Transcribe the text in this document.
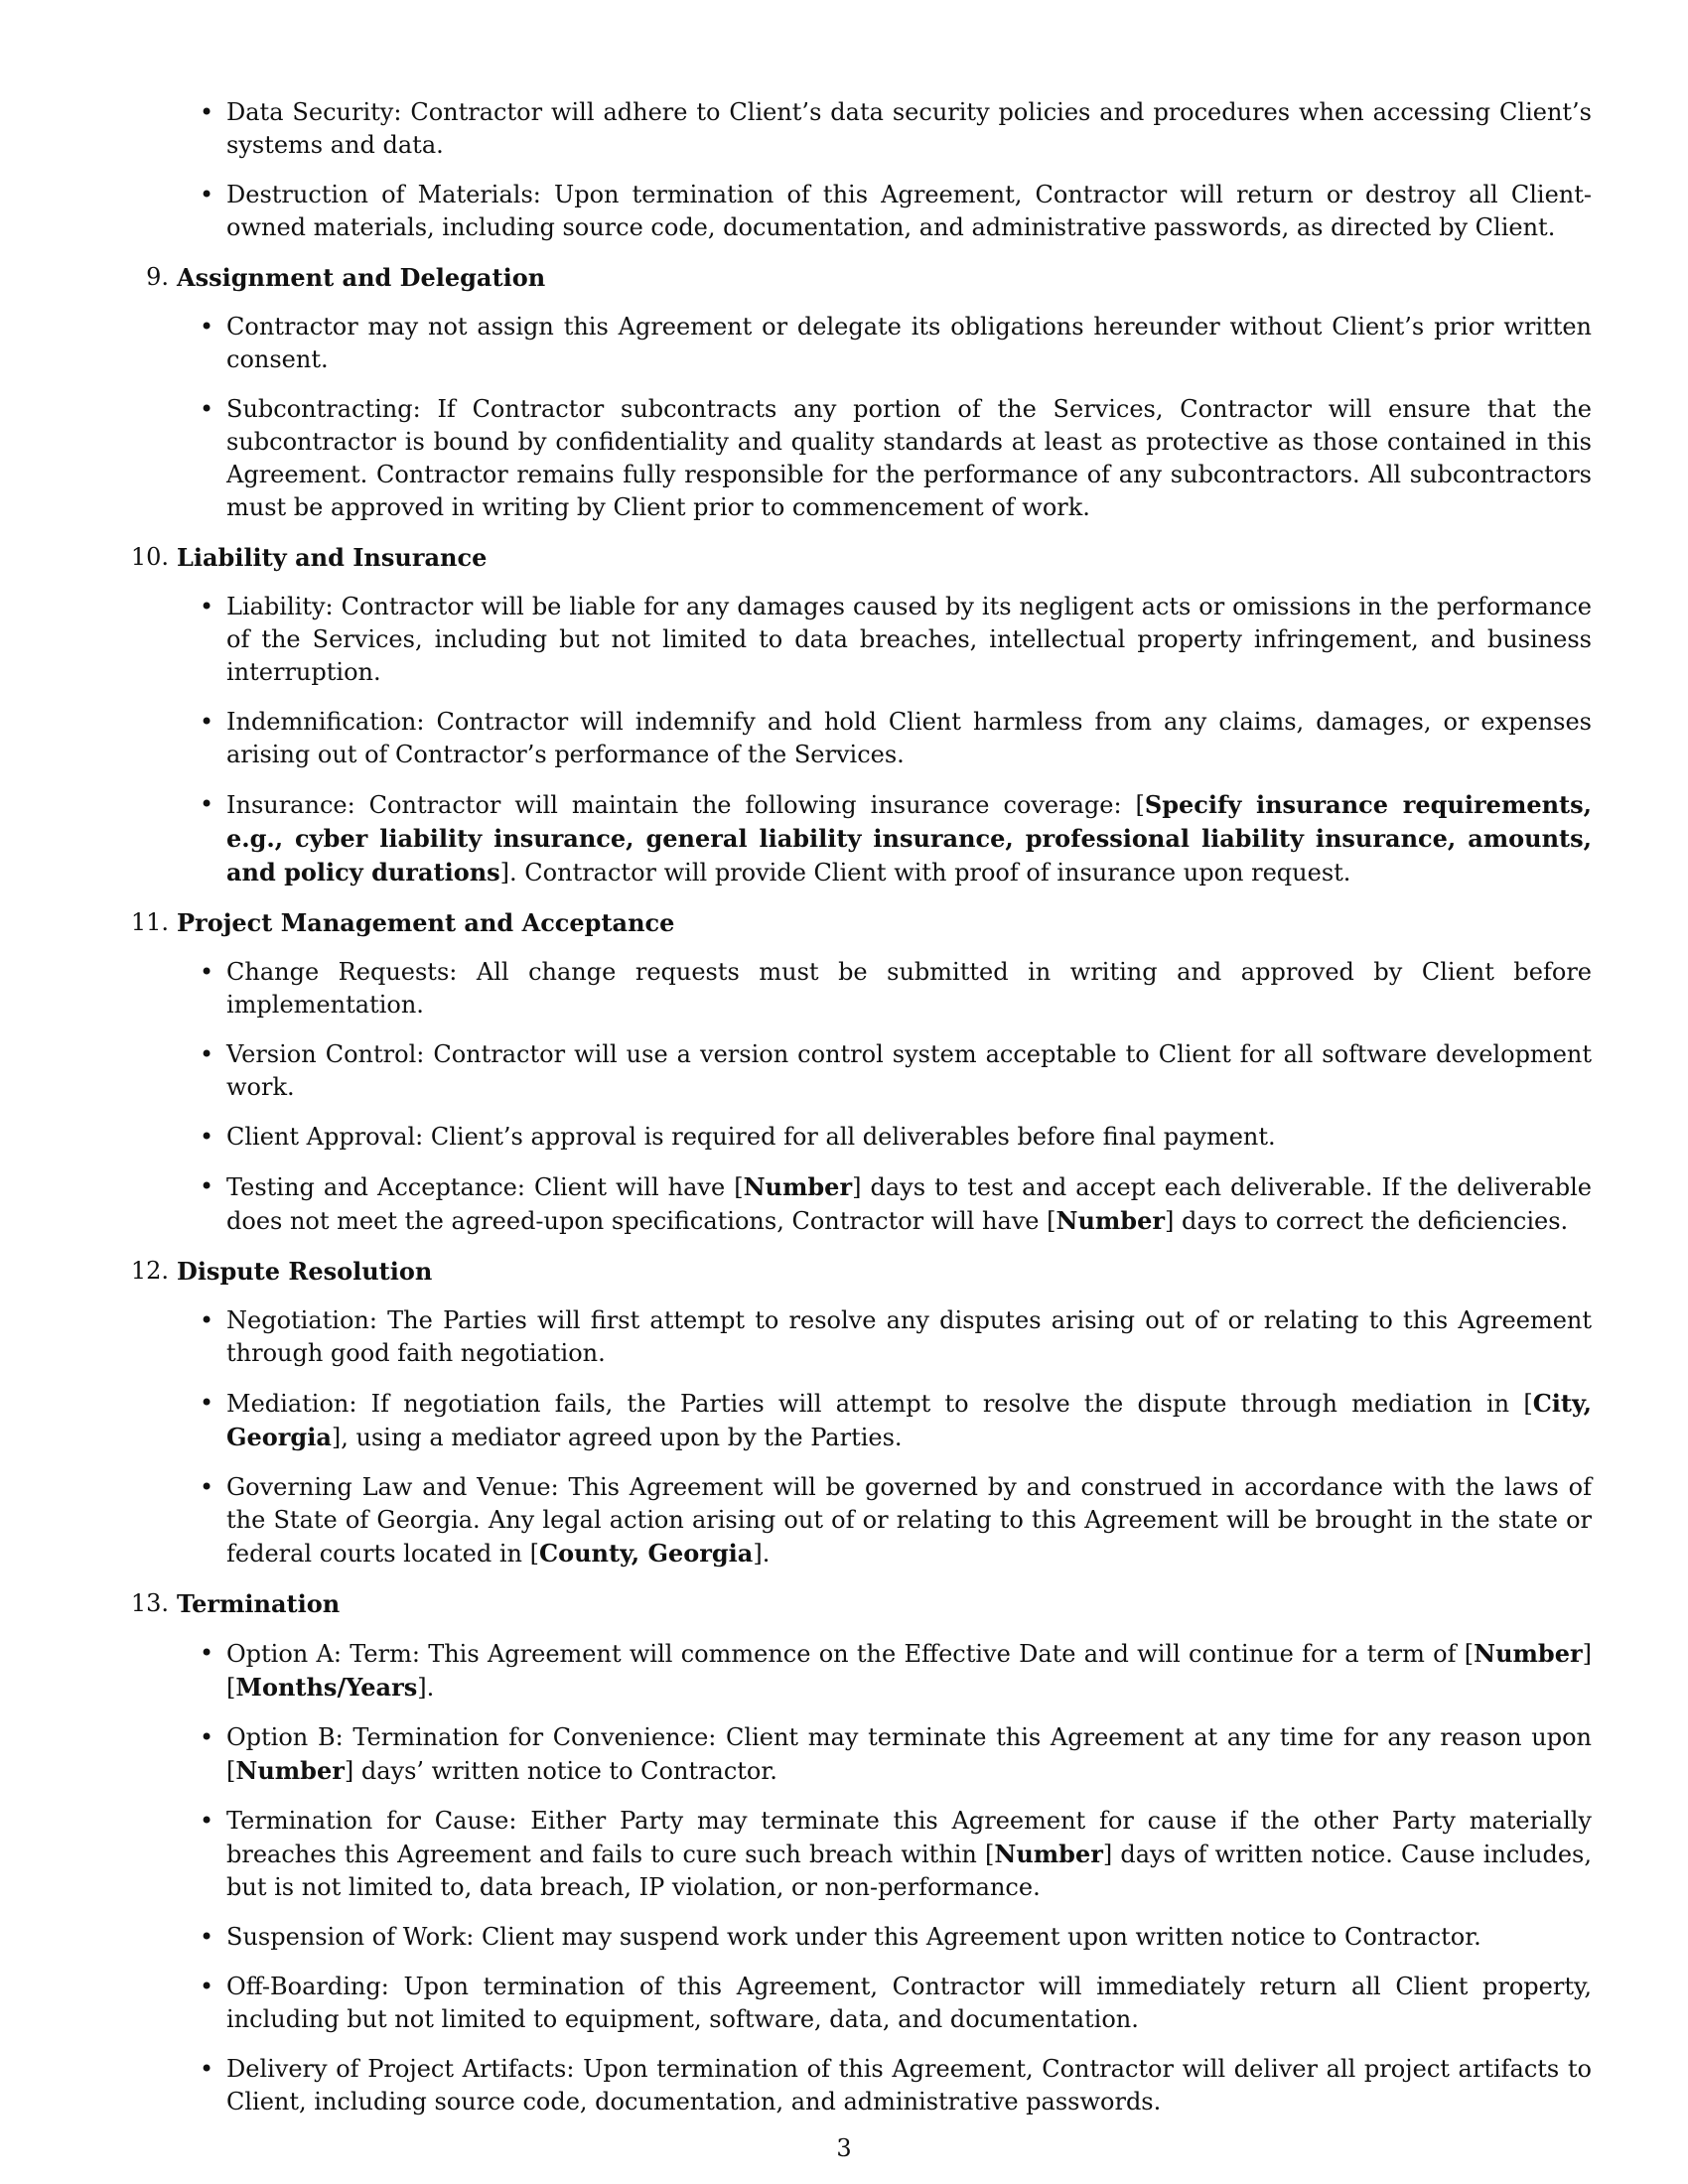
• Data Security: Contractor will adhere to Client’s data security policies and procedures when accessing Client’s systems and data.
• Destruction of Materials: Upon termination of this Agreement, Contractor will return or destroy all Client-owned materials, including source code, documentation, and administrative passwords, as directed by Client.
9. Assignment and Delegation
• Contractor may not assign this Agreement or delegate its obligations hereunder without Client’s prior written consent.
• Subcontracting: If Contractor subcontracts any portion of the Services, Contractor will ensure that the subcontractor is bound by confidentiality and quality standards at least as protective as those contained in this Agreement. Contractor remains fully responsible for the performance of any subcontractors. All subcontractors must be approved in writing by Client prior to commencement of work.
10. Liability and Insurance
• Liability: Contractor will be liable for any damages caused by its negligent acts or omissions in the performance of the Services, including but not limited to data breaches, intellectual property infringement, and business interruption.
• Indemnification: Contractor will indemnify and hold Client harmless from any claims, damages, or expenses arising out of Contractor’s performance of the Services.
• Insurance: Contractor will maintain the following insurance coverage: [Specify insurance requirements, e.g., cyber liability insurance, general liability insurance, professional liability insurance, amounts, and policy durations]. Contractor will provide Client with proof of insurance upon request.
11. Project Management and Acceptance
• Change Requests: All change requests must be submitted in writing and approved by Client before implementation.
• Version Control: Contractor will use a version control system acceptable to Client for all software development work.
• Client Approval: Client’s approval is required for all deliverables before final payment.
• Testing and Acceptance: Client will have [Number] days to test and accept each deliverable. If the deliverable does not meet the agreed-upon specifications, Contractor will have [Number] days to correct the deficiencies.
12. Dispute Resolution
• Negotiation: The Parties will first attempt to resolve any disputes arising out of or relating to this Agreement through good faith negotiation.
• Mediation: If negotiation fails, the Parties will attempt to resolve the dispute through mediation in [City, Georgia], using a mediator agreed upon by the Parties.
• Governing Law and Venue: This Agreement will be governed by and construed in accordance with the laws of the State of Georgia. Any legal action arising out of or relating to this Agreement will be brought in the state or federal courts located in [County, Georgia].
13. Termination
• Option A: Term: This Agreement will commence on the Effective Date and will continue for a term of [Number] [Months/Years].
• Option B: Termination for Convenience: Client may terminate this Agreement at any time for any reason upon [Number] days’ written notice to Contractor.
• Termination for Cause: Either Party may terminate this Agreement for cause if the other Party materially breaches this Agreement and fails to cure such breach within [Number] days of written notice. Cause includes, but is not limited to, data breach, IP violation, or non-performance.
• Suspension of Work: Client may suspend work under this Agreement upon written notice to Contractor.
• Off-Boarding: Upon termination of this Agreement, Contractor will immediately return all Client property, including but not limited to equipment, software, data, and documentation.
• Delivery of Project Artifacts: Upon termination of this Agreement, Contractor will deliver all project artifacts to Client, including source code, documentation, and administrative passwords.
3
